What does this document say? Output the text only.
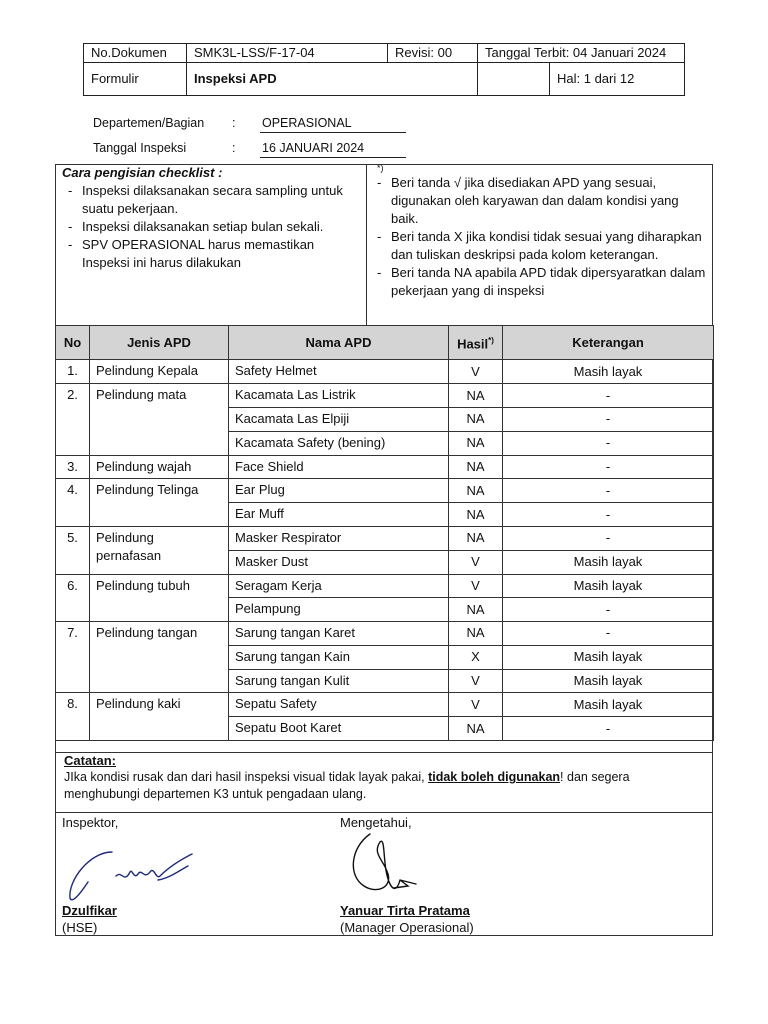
No.Dokumen	SMK3L-LSS/F-17-04	Revisi: 00	Tanggal Terbit: 04 Januari 2024
Formulir	Inspeksi APD		Hal: 1 dari 12
Departemen/Bagian : OPERASIONAL
Tanggal Inspeksi	: 16 JANUARI 2024
Cara pengisian checklist :
- Inspeksi dilaksanakan secara sampling untuk suatu pekerjaan.
- Inspeksi dilaksanakan setiap bulan sekali.
- SPV OPERASIONAL harus memastikan Inspeksi ini harus dilakukan
*)
- Beri tanda √ jika disediakan APD yang sesuai, digunakan oleh karyawan dan dalam kondisi yang baik.
- Beri tanda X jika kondisi tidak sesuai yang diharapkan dan tuliskan deskripsi pada kolom keterangan.
- Beri tanda NA apabila APD tidak dipersyaratkan dalam pekerjaan yang di inspeksi
No	Jenis APD	Nama APD	Hasil*)	Keterangan
1.	Pelindung Kepala	Safety Helmet	V	Masih layak
2.	Pelindung mata	Kacamata Las Listrik	NA	-
		Kacamata Las Elpiji	NA	-
		Kacamata Safety (bening)	NA	-
3.	Pelindung wajah	Face Shield	NA	-
4.	Pelindung Telinga	Ear Plug	NA	-
		Ear Muff	NA	-
5.	Pelindung pernafasan	Masker Respirator	NA	-
		Masker Dust	V	Masih layak
6.	Pelindung tubuh	Seragam Kerja	V	Masih layak
		Pelampung	NA	-
7.	Pelindung tangan	Sarung tangan Karet	NA	-
		Sarung tangan Kain	X	Masih layak
		Sarung tangan Kulit	V	Masih layak
8.	Pelindung kaki	Sepatu Safety	V	Masih layak
		Sepatu Boot Karet	NA	-
Catatan:
JIka kondisi rusak dan dari hasil inspeksi visual tidak layak pakai, tidak boleh digunakan! dan segera menghubungi departemen K3 untuk pengadaan ulang.
Inspektor,	Mengetahui,
Dzulfikar
(HSE)
Yanuar Tirta Pratama
(Manager Operasional)
